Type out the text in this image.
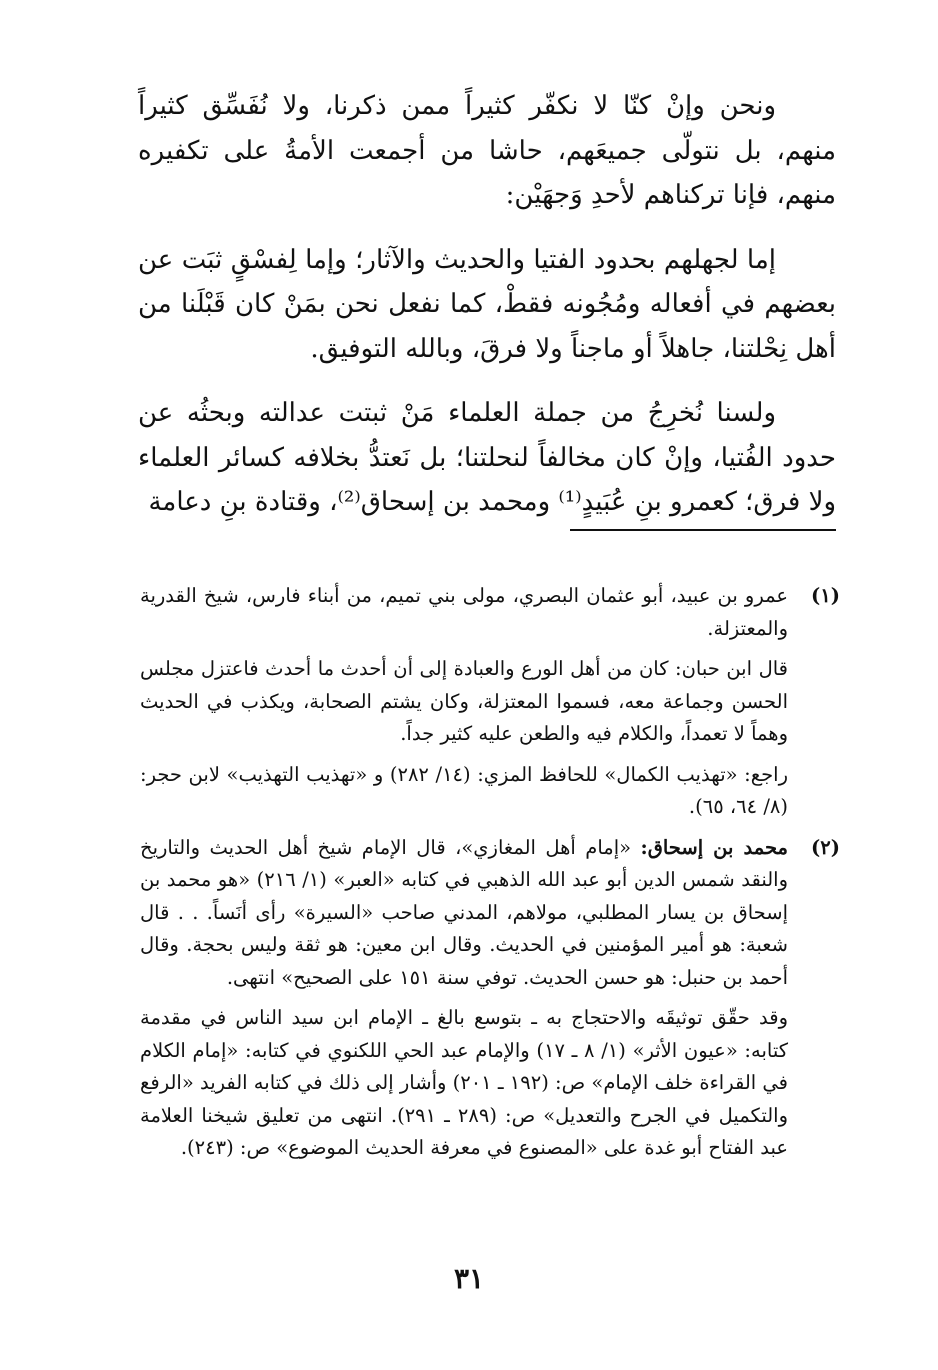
ونحن وإنْ كنّا لا نكفّر كثيراً ممن ذكرنا، ولا نُفَسِّق كثيراً منهم، بل نتولّى جميعَهم، حاشا من أجمعت الأمةُ على تكفيره منهم، فإنا تركناهم لأحدِ وَجهَيْن:

إما لجهلهم بحدود الفتيا والحديث والآثار؛ وإما لِفسْقٍ ثبَت عن بعضهم في أفعاله ومُجُونه فقطْ، كما نفعل نحن بمَنْ كان قَبْلَنا من أهل نِحْلتنا، جاهلاً أو ماجناً ولا فرقَ، وبالله التوفيق.

ولسنا نُخرِجُ من جملة العلماء مَنْ ثبتت عدالته وبحثُه عن حدود الفُتيا، وإنْ كان مخالفاً لنحلتنا؛ بل نَعتدُّ بخلافه كسائر العلماء ولا فرق؛ كعمرو بنِ عُبَيدٍ⁽¹⁾ ومحمد بن إسحاق⁽²⁾، وقتادة بنِ دعامة

(١)

عمرو بن عبيد، أبو عثمان البصري، مولى بني تميم، من أبناء فارس، شيخ القدرية والمعتزلة.

قال ابن حبان: كان من أهل الورع والعبادة إلى أن أحدث ما أحدث فاعتزل مجلس الحسن وجماعة معه، فسموا المعتزلة، وكان يشتم الصحابة، ويكذب في الحديث وهماً لا تعمداً، والكلام فيه والطعن عليه كثير جداً.

راجع: «تهذيب الكمال» للحافظ المزي: (١٤/ ٢٨٢) و «تهذيب التهذيب» لابن حجر: (٨/ ٦٤، ٦٥).

(٢)

محمد بن إسحاق: «إمام أهل المغازي»، قال الإمام شيخ أهل الحديث والتاريخ والنقد شمس الدين أبو عبد الله الذهبي في كتابه «العبر» (١/ ٢١٦) «هو محمد بن إسحاق بن يسار المطلبي، مولاهم، المدني صاحب «السيرة» رأى أنَساً. . . قال شعبة: هو أمير المؤمنين في الحديث. وقال ابن معين: هو ثقة وليس بحجة. وقال أحمد بن حنبل: هو حسن الحديث. توفي سنة ١٥١ على الصحيح» انتهى.

وقد حقّق توثيقَه والاحتجاج به ـ بتوسع بالغ ـ الإمام ابن سيد الناس في مقدمة كتابه: «عيون الأثر» (١/ ٨ ـ ١٧) والإمام عبد الحي اللكنوي في كتابه: «إمام الكلام في القراءة خلف الإمام» ص: (١٩٢ ـ ٢٠١) وأشار إلى ذلك في كتابه الفريد «الرفع والتكميل في الجرح والتعديل» ص: (٢٨٩ ـ ٢٩١). انتهى من تعليق شيخنا العلامة عبد الفتاح أبو غدة على «المصنوع في معرفة الحديث الموضوع» ص: (٢٤٣).

٣١
